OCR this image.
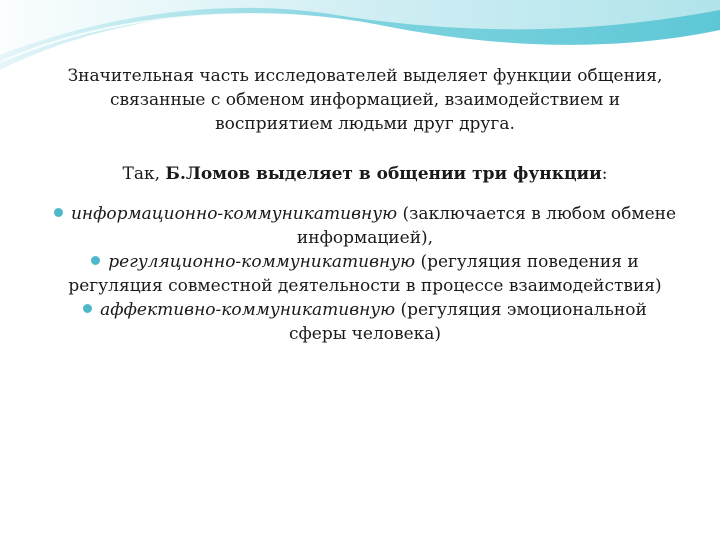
Значительная часть исследователей выделяет функции общения,
связанные с обменом информацией, взаимодействием и
восприятием людьми друг друга.

Так, Б.Ломов выделяет в общении три функции:

информационно-коммуникативную (заключается в любом обмене
информацией),

регуляционно-коммуникативную (регуляция поведения и
регуляция совместной деятельности в процессе взаимодействия)

аффективно-коммуникативную (регуляция эмоциональной
сферы человека)
